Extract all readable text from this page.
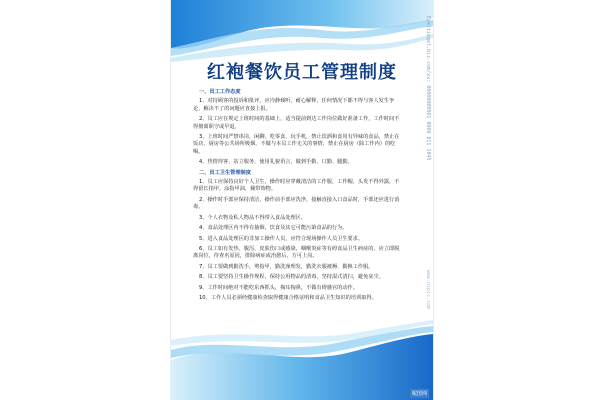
红袍餐饮员工管理制度
一、员工工作态度
1、对持顾客的投诉和批评，应冷静倾听，耐心解释，任何情况下都不得与客人发生争论，解决不了的问题应直接上报。
2、员工应在规定上班时间的基础上，适当提前到达工作岗位做好准备工作，工作时间不得擅离职守或早退。
3、上班时间严禁串岗，闲聊，吃零食，玩手机，禁止饮酒和食用有异味的食品，禁止在饭店，厨房等公共场所吸烟，不做与本员工作无关的事情，禁止在厨房（除工作内）的吃喝。
4、热情待客，站立服务，使用礼貌语言，做到手勤、口勤、腿勤。
二、员工卫生管理制度
1、员工应保持良好个人卫生，操作时应穿戴清洁的工作服，工作帽，头发不得外露，不得留长指甲，涂指甲油，佩带饰物。
2、操作时手部应保持清洁，操作前手部应洗净，接触直接入口食品时，手部还应进行消毒。
3、个人衣物及私人物品不得带入食品处理区。
4、食品处理区内不得有抽烟，饮食及其它可能污染食品的行为。
5、进入食品处理区的非加工操作人员，应符合现场操作人员卫生要求。
6、员工如有发热、腹泻、皮肤伤口或感染，咽喉炎症等有碍食品卫生病症的，应立即脱离岗位，待查名原因，排除病症或治愈后，方可上岗。
7、员工要做到勤洗手，剪指甲，勤洗澡理发，勤洗衣服被褥，勤换工作服。
8、员工要坚持卫生操作规程，保持公用物品的清毒，坚持湿式清扫，避免灰尘。
9、工作时间绝对不能吃东西抓头，掏耳掏鼻，不做有碍感官的动作。
10、工作人员必须经健康检查取得健康合格证明和食品卫生知识的培训取得。
Eyeltiegel.biz.com/xx: 00000000001 0000 811 1045
www.nipic.com
昵图网
